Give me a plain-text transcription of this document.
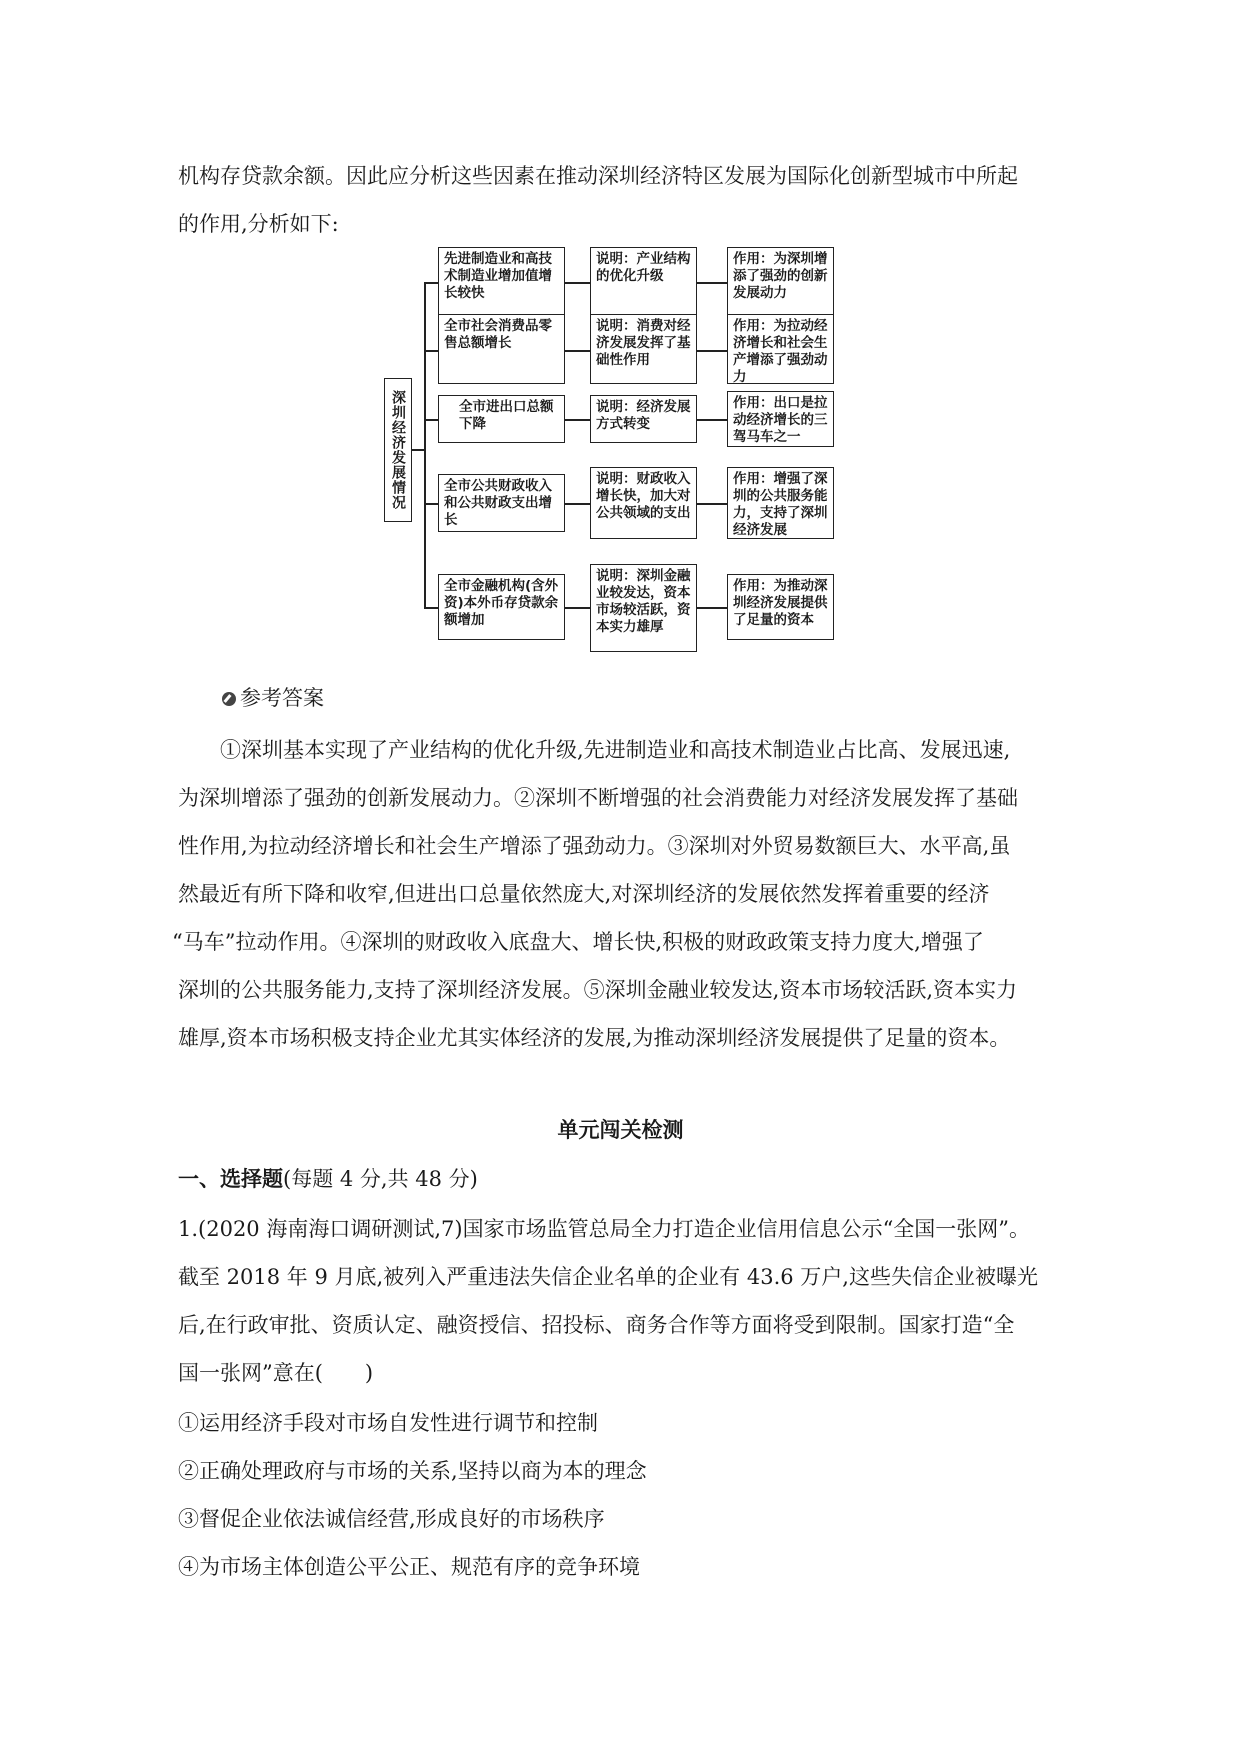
机构存贷款余额。因此应分析这些因素在推动深圳经济特区发展为国际化创新型城市中所起
的作用,分析如下:
深圳经济发展情况
先进制造业和高技术制造业增加值增长较快
说明：产业结构的优化升级
作用：为深圳增添了强劲的创新发展动力
全市社会消费品零售总额增长
说明：消费对经济发展发挥了基础性作用
作用：为拉动经济增长和社会生产增添了强劲动力
全市进出口总额下降
说明：经济发展方式转变
作用：出口是拉动经济增长的三驾马车之一
全市公共财政收入和公共财政支出增长
说明：财政收入增长快，加大对公共领域的支出
作用：增强了深圳的公共服务能力，支持了深圳经济发展
全市金融机构(含外资)本外币存贷款余额增加
说明：深圳金融业较发达，资本市场较活跃，资本实力雄厚
作用：为推动深圳经济发展提供了足量的资本
参考答案
①深圳基本实现了产业结构的优化升级,先进制造业和高技术制造业占比高、发展迅速,
为深圳增添了强劲的创新发展动力。②深圳不断增强的社会消费能力对经济发展发挥了基础
性作用,为拉动经济增长和社会生产增添了强劲动力。③深圳对外贸易数额巨大、水平高,虽
然最近有所下降和收窄,但进出口总量依然庞大,对深圳经济的发展依然发挥着重要的经济
“马车”拉动作用。④深圳的财政收入底盘大、增长快,积极的财政政策支持力度大,增强了
深圳的公共服务能力,支持了深圳经济发展。⑤深圳金融业较发达,资本市场较活跃,资本实力
雄厚,资本市场积极支持企业尤其实体经济的发展,为推动深圳经济发展提供了足量的资本。
单元闯关检测
一、选择题(每题 4 分,共 48 分)
1.(2020 海南海口调研测试,7)国家市场监管总局全力打造企业信用信息公示“全国一张网”。
截至 2018 年 9 月底,被列入严重违法失信企业名单的企业有 43.6 万户,这些失信企业被曝光
后,在行政审批、资质认定、融资授信、招投标、商务合作等方面将受到限制。国家打造“全
国一张网”意在(　　)
①运用经济手段对市场自发性进行调节和控制
②正确处理政府与市场的关系,坚持以商为本的理念
③督促企业依法诚信经营,形成良好的市场秩序
④为市场主体创造公平公正、规范有序的竞争环境
